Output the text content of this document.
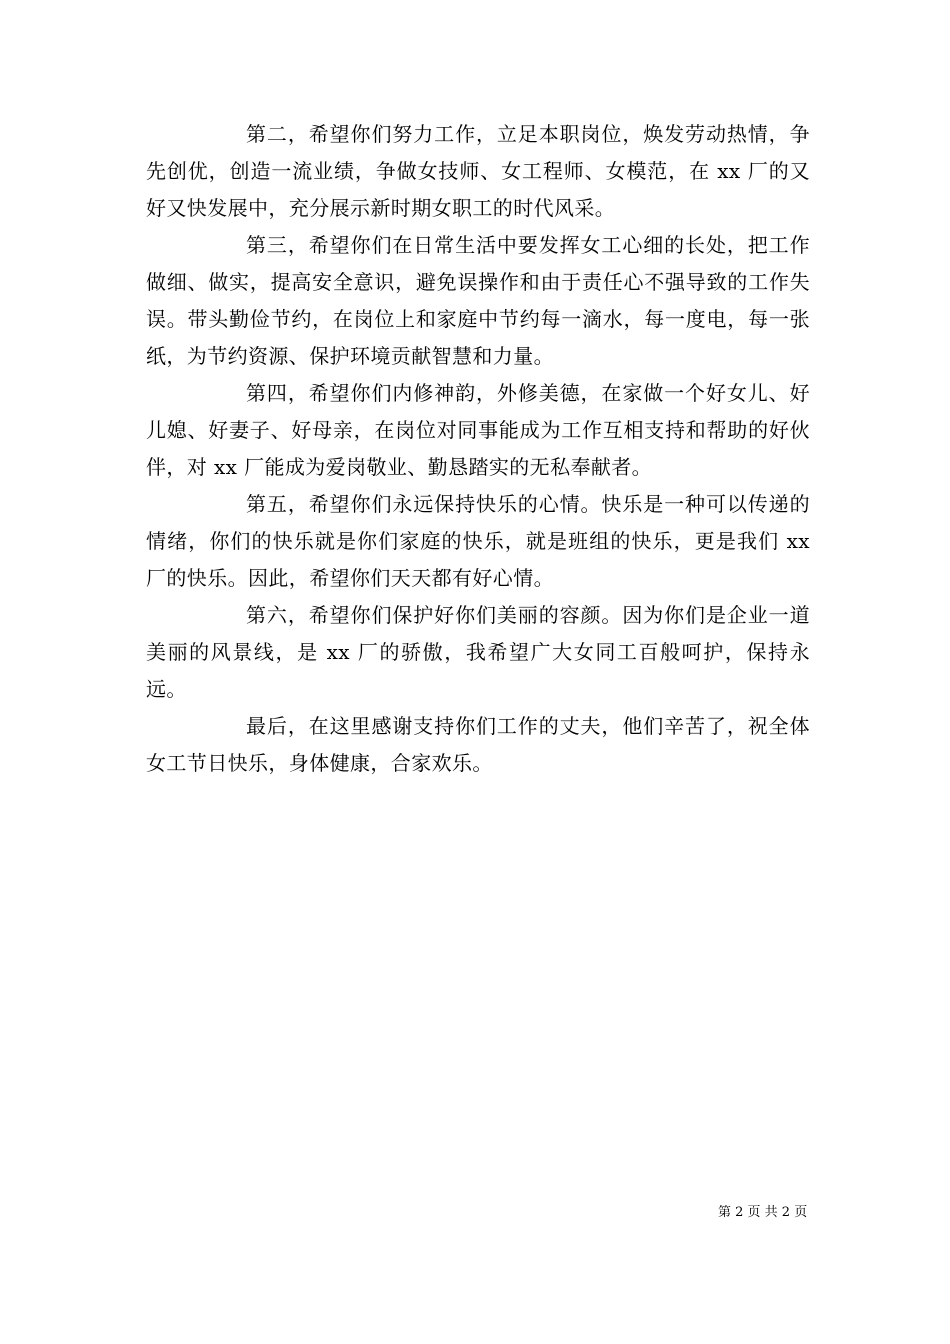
第二，希望你们努力工作，立足本职岗位，焕发劳动热情，争先创优，创造一流业绩，争做女技师、女工程师、女模范，在 xx 厂的又好又快发展中，充分展示新时期女职工的时代风采。

第三，希望你们在日常生活中要发挥女工心细的长处，把工作做细、做实，提高安全意识，避免误操作和由于责任心不强导致的工作失误。带头勤俭节约，在岗位上和家庭中节约每一滴水，每一度电，每一张纸，为节约资源、保护环境贡献智慧和力量。

第四，希望你们内修神韵，外修美德，在家做一个好女儿、好儿媳、好妻子、好母亲，在岗位对同事能成为工作互相支持和帮助的好伙伴，对 xx 厂能成为爱岗敬业、勤恳踏实的无私奉献者。

第五，希望你们永远保持快乐的心情。快乐是一种可以传递的情绪，你们的快乐就是你们家庭的快乐，就是班组的快乐，更是我们 xx 厂的快乐。因此，希望你们天天都有好心情。

第六，希望你们保护好你们美丽的容颜。因为你们是企业一道美丽的风景线，是 xx 厂的骄傲，我希望广大女同工百般呵护，保持永远。

最后，在这里感谢支持你们工作的丈夫，他们辛苦了，祝全体女工节日快乐，身体健康，合家欢乐。

第 2 页 共 2 页
